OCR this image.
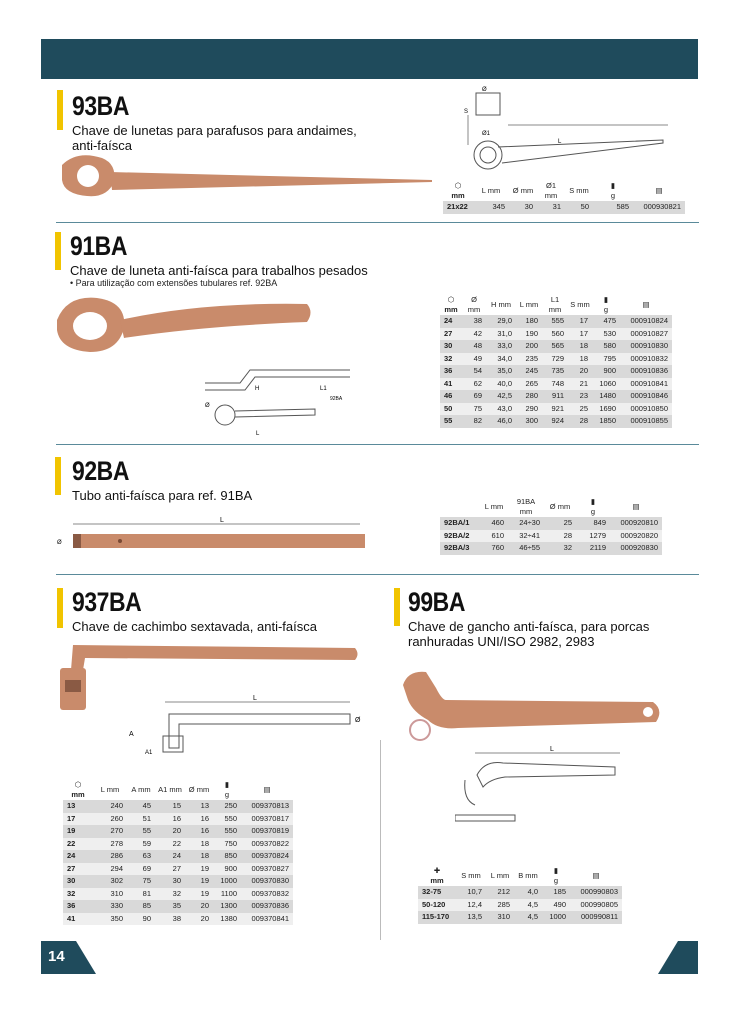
93BA
Chave de lunetas para parafusos para andaimes, anti-faísca	L
S
Ø
Ø1
⬡
mm	L mm	Ø mm	Ø1 mm	S mm	▮
g	▤
21x22	345	30	31	50	585	000930821
91BA
Chave de luneta anti-faísca para trabalhos pesados
• Para utilização com extensões tubulares ref. 92BA
L1
92BA
H
L
Ø
⬡
mm	Ø mm	H mm	L mm	L1 mm	S mm	▮
g	▤
24	38	29,0	180	555	17	475	000910824
27	42	31,0	190	560	17	530	000910827
30	48	33,0	200	565	18	580	000910830
32	49	34,0	235	729	18	795	000910832
36	54	35,0	245	735	20	900	000910836
41	62	40,0	265	748	21	1060	000910841
46	69	42,5	280	911	23	1480	000910846
50	75	43,0	290	921	25	1690	000910850
55	82	46,0	300	924	28	1850	000910855
92BA
Tubo anti-faísca para ref. 91BA
L
Ø
	L mm	91BA mm	Ø mm	▮
g	▤
92BA/1	460	24÷30	25	849	000920810
92BA/2	610	32÷41	28	1279	000920820
92BA/3	760	46÷55	32	2119	000920830
937BA
Chave de cachimbo sextavada, anti-faísca
L
Ø
A
A1
⬡
mm	L mm	A mm	A1 mm	Ø mm	▮
g	▤
13	240	45	15	13	250	009370813
17	260	51	16	16	550	009370817
19	270	55	20	16	550	009370819
22	278	59	22	18	750	009370822
24	286	63	24	18	850	009370824
27	294	69	27	19	900	009370827
30	302	75	30	19	1000	009370830
32	310	81	32	19	1100	009370832
36	330	85	35	20	1300	009370836
41	350	90	38	20	1380	009370841
99BA
Chave de gancho anti-faísca, para porcas ranhuradas UNI/ISO 2982, 2983
L
✚
mm	S mm	L mm	B mm	▮
g	▤
32-75	10,7	212	4,0	185	000990803
50-120	12,4	285	4,5	490	000990805
115-170	13,5	310	4,5	1000	000990811
14
